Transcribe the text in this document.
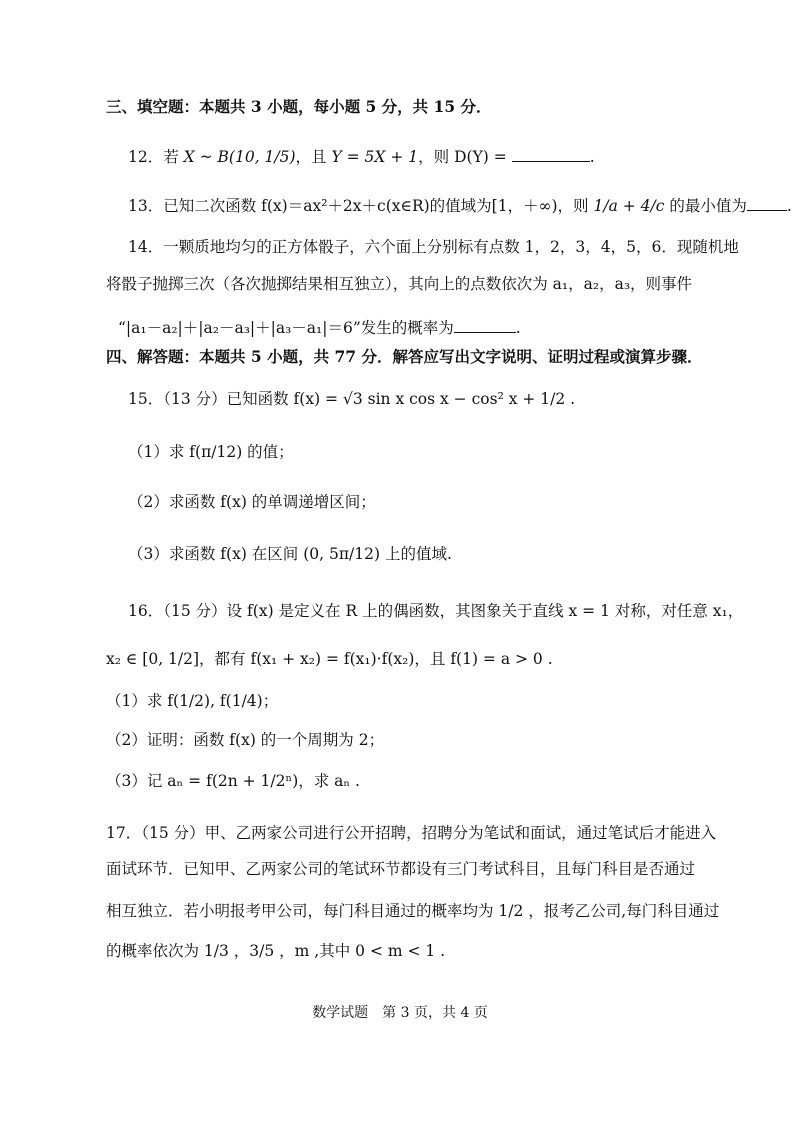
三、填空题：本题共 3 小题，每小题 5 分，共 15 分．
12．若 X ~ B(10, 1/5)，且 Y = 5X + 1，则 D(Y) =	.
13．已知二次函数 f(x)＝ax²＋2x＋c(x∈R)的值域为[1，＋∞)，则 1/a + 4/c 的最小值为	.
14．一颗质地均匀的正方体骰子，六个面上分别标有点数 1，2，3，4，5，6．现随机地
将骰子抛掷三次（各次抛掷结果相互独立），其向上的点数依次为 a₁，a₂，a₃，则事件
“|a₁－a₂|＋|a₂－a₃|＋|a₃－a₁|＝6”发生的概率为	.
四、解答题：本题共 5 小题，共 77 分．解答应写出文字说明、证明过程或演算步骤．
15．（13 分）已知函数 f(x) = √3 sin x cos x − cos² x + 1/2 .
（1）求 f(π/12) 的值；
（2）求函数 f(x) 的单调递增区间；
（3）求函数 f(x) 在区间 (0, 5π/12) 上的值域.
16．（15 分）设 f(x) 是定义在 R 上的偶函数，其图象关于直线 x = 1 对称，对任意 x₁，
x₂ ∈ [0, 1/2]，都有 f(x₁ + x₂) = f(x₁)·f(x₂)，且 f(1) = a > 0 .
（1）求 f(1/2), f(1/4)；
（2）证明：函数 f(x) 的一个周期为 2；
（3）记 aₙ = f(2n + 1/2ⁿ)，求 aₙ .
17．（15 分）甲、乙两家公司进行公开招聘，招聘分为笔试和面试，通过笔试后才能进入
面试环节．已知甲、乙两家公司的笔试环节都设有三门考试科目，且每门科目是否通过
相互独立．若小明报考甲公司，每门科目通过的概率均为 1/2 ，报考乙公司,每门科目通过
的概率依次为 1/3 ，3/5 ，m ,其中 0 < m < 1 .
数学试题　第 3 页，共 4 页
